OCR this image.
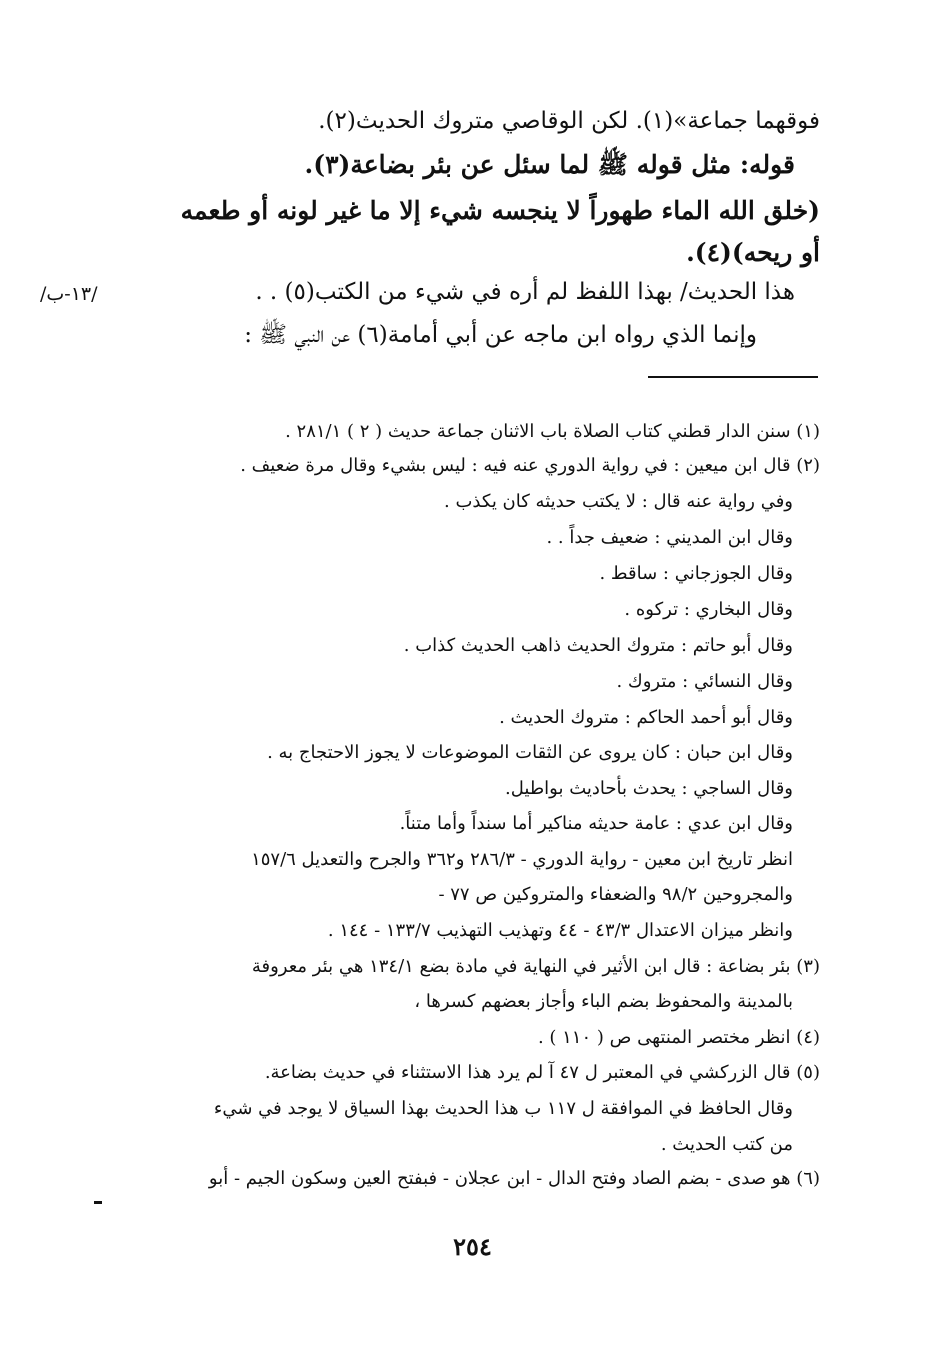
فوقهما جماعة»(١). لكن الوقاصي متروك الحديث(٢).
قوله: مثل قوله ﷺ لما سئل عن بئر بضاعة(٣).
(خلق الله الماء طهوراً لا ينجسه شيء إلا ما غير لونه أو طعمه
أو ريحه)(٤).
هذا الحديث/ بهذا اللفظ لم أره في شيء من الكتب(٥) . .
وإنما الذي رواه ابن ماجه عن أبي أمامة(٦) عن النبي ﷺ :
/١٣-ب/
(١) سنن الدار قطني كتاب الصلاة باب الاثنان جماعة حديث ( ٢ ) ٢٨١/١ .
(٢) قال ابن ميعين : في رواية الدوري عنه فيه : ليس بشيء وقال مرة ضعيف .
وفي رواية عنه قال : لا يكتب حديثه كان يكذب .
وقال ابن المديني : ضعيف جداً . .
وقال الجوزجاني : ساقط .
وقال البخاري : تركوه .
وقال أبو حاتم : متروك الحديث ذاهب الحديث كذاب .
وقال النسائي : متروك .
وقال أبو أحمد الحاكم : متروك الحديث .
وقال ابن حبان : كان يروى عن الثقات الموضوعات لا يجوز الاحتجاج به .
وقال الساجي : يحدث بأحاديث بواطيل.
وقال ابن عدي : عامة حديثه مناكير أما سنداً وأما متناً.
انظر تاريخ ابن معين - رواية الدوري - ٢٨٦/٣ و٣٦٢ والجرح والتعديل ١٥٧/٦
والمجروحين ٩٨/٢ والضعفاء والمتروكين ص ٧٧ -
وانظر ميزان الاعتدال ٤٣/٣ - ٤٤ وتهذيب التهذيب ١٣٣/٧ - ١٤٤ .
(٣) بئر بضاعة : قال ابن الأثير في النهاية في مادة بضع ١٣٤/١ هي بئر معروفة
بالمدينة والمحفوظ بضم الباء وأجاز بعضهم كسرها ،
(٤) انظر مختصر المنتهى ص ( ١١٠ ) .
(٥) قال الزركشي في المعتبر ل ٤٧ آ لم يرد هذا الاستثناء في حديث بضاعة.
وقال الحافظ في الموافقة ل ١١٧ ب هذا الحديث بهذا السياق لا يوجد في شيء
من كتب الحديث .
(٦) هو صدى - بضم الصاد وفتح الدال - ابن عجلان - فبفتح العين وسكون الجيم - أبو
٢٥٤
